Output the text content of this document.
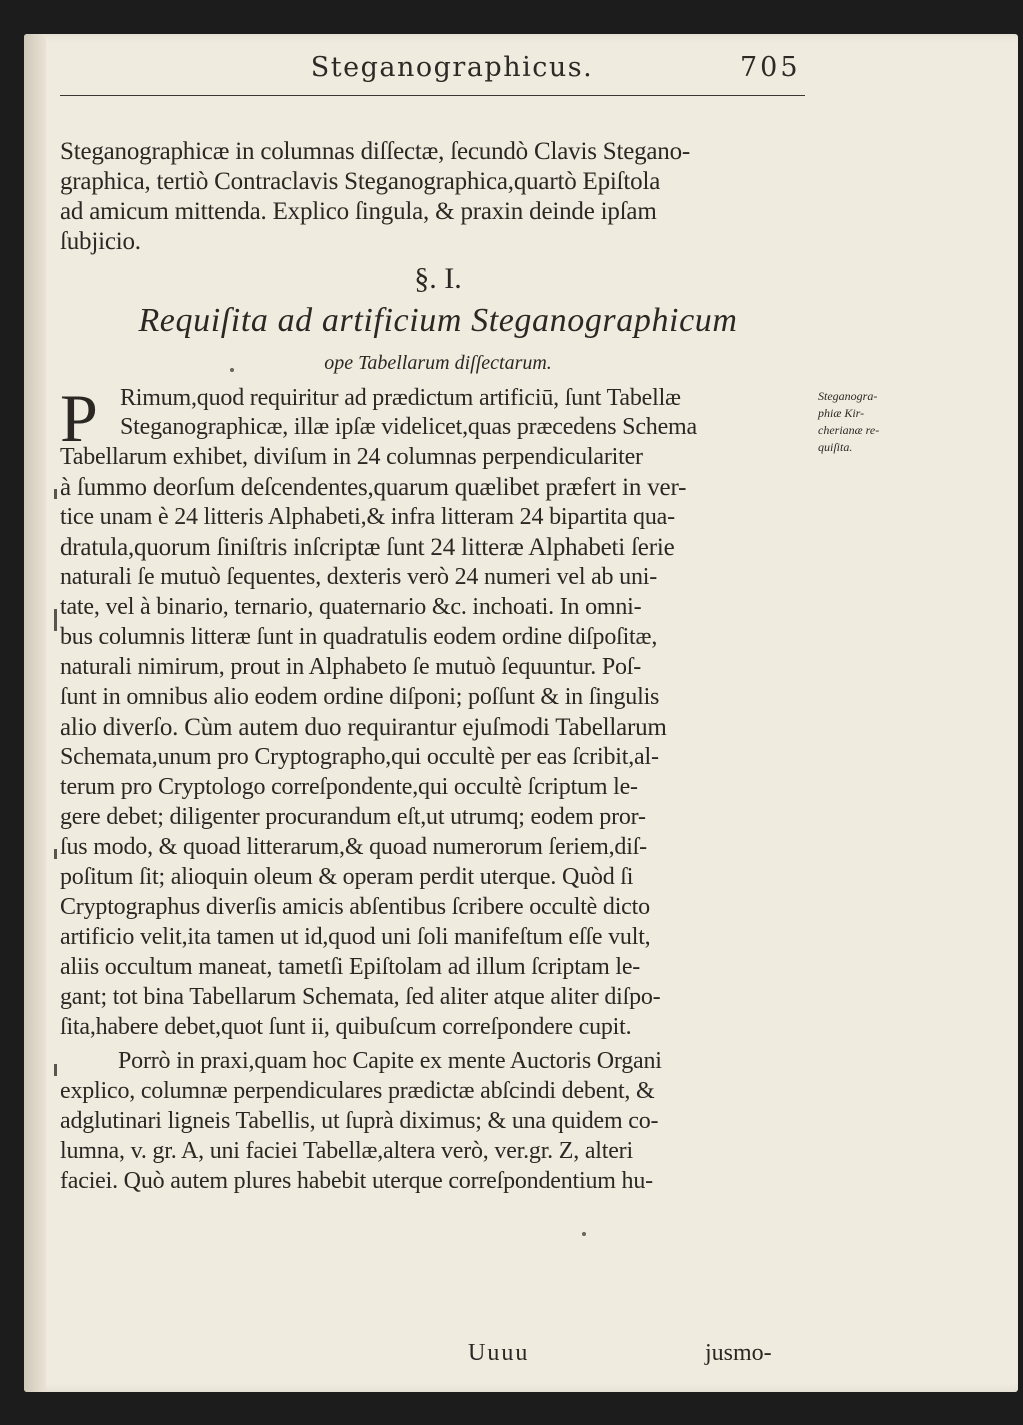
Steganographicus.	705
Steganographicæ in columnas diſſectæ, ſecundò Clavis Stegano-
graphica, tertiò Contraclavis Steganographica,quartò Epiſtola
ad amicum mittenda. Explico ſingula, & praxin deinde ipſam
ſubjicio.
§. I.
Requiſita ad artificium Steganographicum
ope Tabellarum diſſectarum.
P	Steganogra-
phiæ Kir-
cherianæ re-
quiſita.
Rimum,quod requiritur ad prædictum artificiū, ſunt Tabellæ
Steganographicæ, illæ ipſæ videlicet,quas præcedens Schema
Tabellarum exhibet, diviſum in 24 columnas perpendiculariter
à ſummo deorſum deſcendentes,quarum quælibet præfert in ver-
tice unam è 24 litteris Alphabeti,& infra litteram 24 bipartita qua-
dratula,quorum ſiniſtris inſcriptæ ſunt 24 litteræ Alphabeti ſerie
naturali ſe mutuò ſequentes, dexteris verò 24 numeri vel ab uni-
tate, vel à binario, ternario, quaternario &c. inchoati. In omni-
bus columnis litteræ ſunt in quadratulis eodem ordine diſpoſitæ,
naturali nimirum, prout in Alphabeto ſe mutuò ſequuntur. Poſ-
ſunt in omnibus alio eodem ordine diſponi; poſſunt & in ſingulis
alio diverſo. Cùm autem duo requirantur ejuſmodi Tabellarum
Schemata,unum pro Cryptographo,qui occultè per eas ſcribit,al-
terum pro Cryptologo correſpondente,qui occultè ſcriptum le-
gere debet; diligenter procurandum eſt,ut utrumq; eodem pror-
ſus modo, & quoad litterarum,& quoad numerorum ſeriem,diſ-
poſitum ſit; alioquin oleum & operam perdit uterque. Quòd ſi
Cryptographus diverſis amicis abſentibus ſcribere occultè dicto
artificio velit,ita tamen ut id,quod uni ſoli manifeſtum eſſe vult,
aliis occultum maneat, tametſi Epiſtolam ad illum ſcriptam le-
gant; tot bina Tabellarum Schemata, ſed aliter atque aliter diſpo-
ſita,habere debet,quot ſunt ii, quibuſcum correſpondere cupit.
Porrò in praxi,quam hoc Capite ex mente Auctoris Organi
explico, columnæ perpendiculares prædictæ abſcindi debent, &
adglutinari ligneis Tabellis, ut ſuprà diximus; & una quidem co-
lumna, v. gr. A, uni faciei Tabellæ,altera verò, ver.gr. Z, alteri
faciei. Quò autem plures habebit uterque correſpondentium hu-
Uuuu	jusmo-
